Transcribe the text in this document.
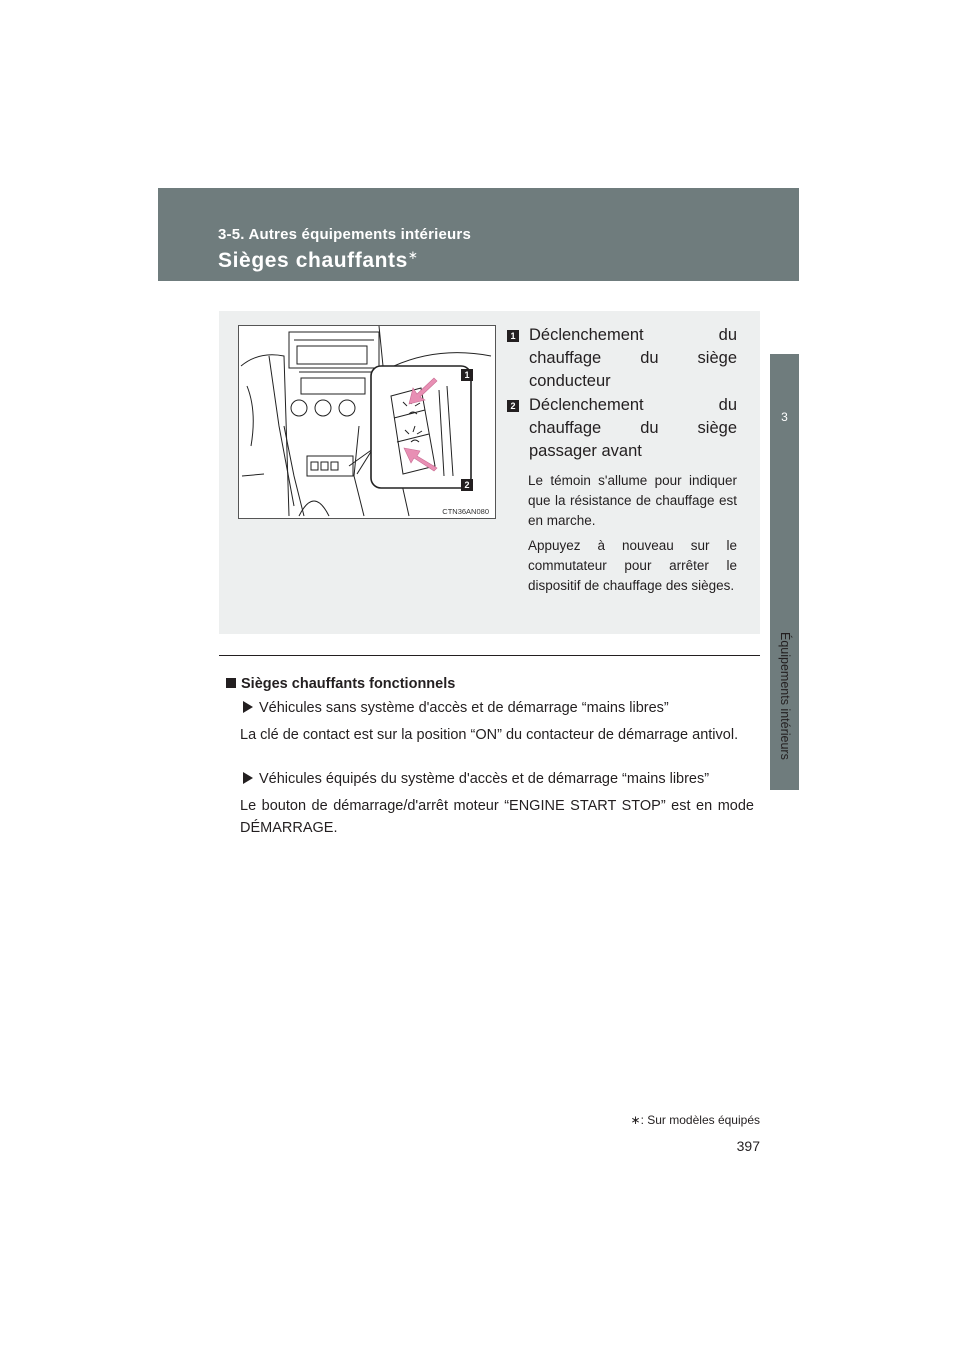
3-5. Autres équipements intérieurs
Sièges chauffants∗
3
Équipements intérieurs
1
2
CTN36AN080
1 Déclenchement	du
chauffage du siège
conducteur
2 Déclenchement	du
chauffage du siège
passager avant
Le témoin s'allume pour indiquer que la résistance de chauffage est en marche.
Appuyez à nouveau sur le commutateur pour arrêter le dispositif de chauffage des sièges.
Sièges chauffants fonctionnels
Véhicules sans système d'accès et de démarrage “mains libres”
La clé de contact est sur la position “ON” du contacteur de démarrage antivol.
Véhicules équipés du système d'accès et de démarrage “mains libres”
Le bouton de démarrage/d'arrêt moteur “ENGINE START STOP” est en mode DÉMARRAGE.
∗: Sur modèles équipés
397
